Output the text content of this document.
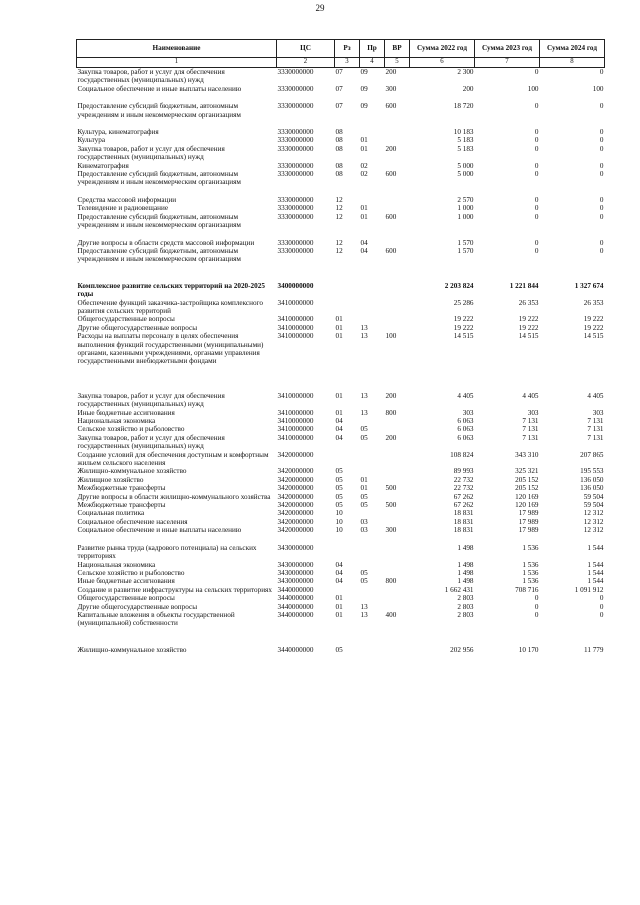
29
Наименование	ЦС	Рз	Пр	ВР	Сумма 2022 год	Сумма 2023 год	Сумма 2024 год
1	2	3	4	5	6	7	8
Закупка товаров, работ и услуг для обеспечения государственных (муниципальных) нужд	3330000000	07	09	200	2 300	0	0
Социальное обеспечение и иные выплаты населению	3330000000	07	09	300	200	100	100

Предоставление субсидий бюджетным, автономным учреждениям и иным некоммерческим организациям	3330000000	07	09	600	18 720	0	0

Культура, кинематография	3330000000	08			10 183	0	0
Культура	3330000000	08	01		5 183	0	0
Закупка товаров, работ и услуг для обеспечения государственных (муниципальных) нужд	3330000000	08	01	200	5 183	0	0
Кинематография	3330000000	08	02		5 000	0	0
Предоставление субсидий бюджетным, автономным учреждениям и иным некоммерческим организациям	3330000000	08	02	600	5 000	0	0

Средства массовой информации	3330000000	12			2 570	0	0
Телевидение и радиовещание	3330000000	12	01		1 000	0	0
Предоставление субсидий бюджетным, автономным учреждениям и иным некоммерческим организациям	3330000000	12	01	600	1 000	0	0

Другие вопросы в области средств массовой информации	3330000000	12	04		1 570	0	0
Предоставление субсидий бюджетным, автономным учреждениям и иным некоммерческим организациям	3330000000	12	04	600	1 570	0	0

Комплексное развитие сельских территорий на 2020-2025 годы	3400000000				2 203 824	1 221 844	1 327 674
Обеспечение функций заказчика-застройщика комплексного развития сельских территорий	3410000000				25 286	26 353	26 353
Общегосударственные вопросы	3410000000	01			19 222	19 222	19 222
Другие общегосударственные вопросы	3410000000	01	13		19 222	19 222	19 222
Расходы на выплаты персоналу в целях обеспечения выполнения функций государственными (муниципальными) органами, казенными учреждениями, органами управления государственными внебюджетными фондами	3410000000	01	13	100	14 515	14 515	14 515

Закупка товаров, работ и услуг для обеспечения государственных (муниципальных) нужд	3410000000	01	13	200	4 405	4 405	4 405
Иные бюджетные ассигнования	3410000000	01	13	800	303	303	303
Национальная экономика	3410000000	04			6 063	7 131	7 131
Сельское хозяйство и рыболовство	3410000000	04	05		6 063	7 131	7 131
Закупка товаров, работ и услуг для обеспечения государственных (муниципальных) нужд	3410000000	04	05	200	6 063	7 131	7 131
Создание условий для обеспечения доступным и комфортным жильем сельского населения	3420000000				108 824	343 310	207 865
Жилищно-коммунальное хозяйство	3420000000	05			89 993	325 321	195 553
Жилищное хозяйство	3420000000	05	01		22 732	205 152	136 050
Межбюджетные трансферты	3420000000	05	01	500	22 732	205 152	136 050
Другие вопросы в области жилищно-коммунального хозяйства	3420000000	05	05		67 262	120 169	59 504
Межбюджетные трансферты	3420000000	05	05	500	67 262	120 169	59 504
Социальная политика	3420000000	10			18 831	17 989	12 312
Социальное обеспечение населения	3420000000	10	03		18 831	17 989	12 312
Социальное обеспечение и иные выплаты населению	3420000000	10	03	300	18 831	17 989	12 312

Развитие рынка труда (кадрового потенциала) на сельских территориях	3430000000				1 498	1 536	1 544
Национальная экономика	3430000000	04			1 498	1 536	1 544
Сельское хозяйство и рыболовство	3430000000	04	05		1 498	1 536	1 544
Иные бюджетные ассигнования	3430000000	04	05	800	1 498	1 536	1 544
Создание и развитие инфраструктуры на сельских территориях	3440000000				1 662 431	708 716	1 091 912
Общегосударственные вопросы	3440000000	01			2 803	0	0
Другие общегосударственные вопросы	3440000000	01	13		2 803	0	0
Капитальные вложения в объекты государственной (муниципальной) собственности	3440000000	01	13	400	2 803	0	0

Жилищно-коммунальное хозяйство	3440000000	05			202 956	10 170	11 779
